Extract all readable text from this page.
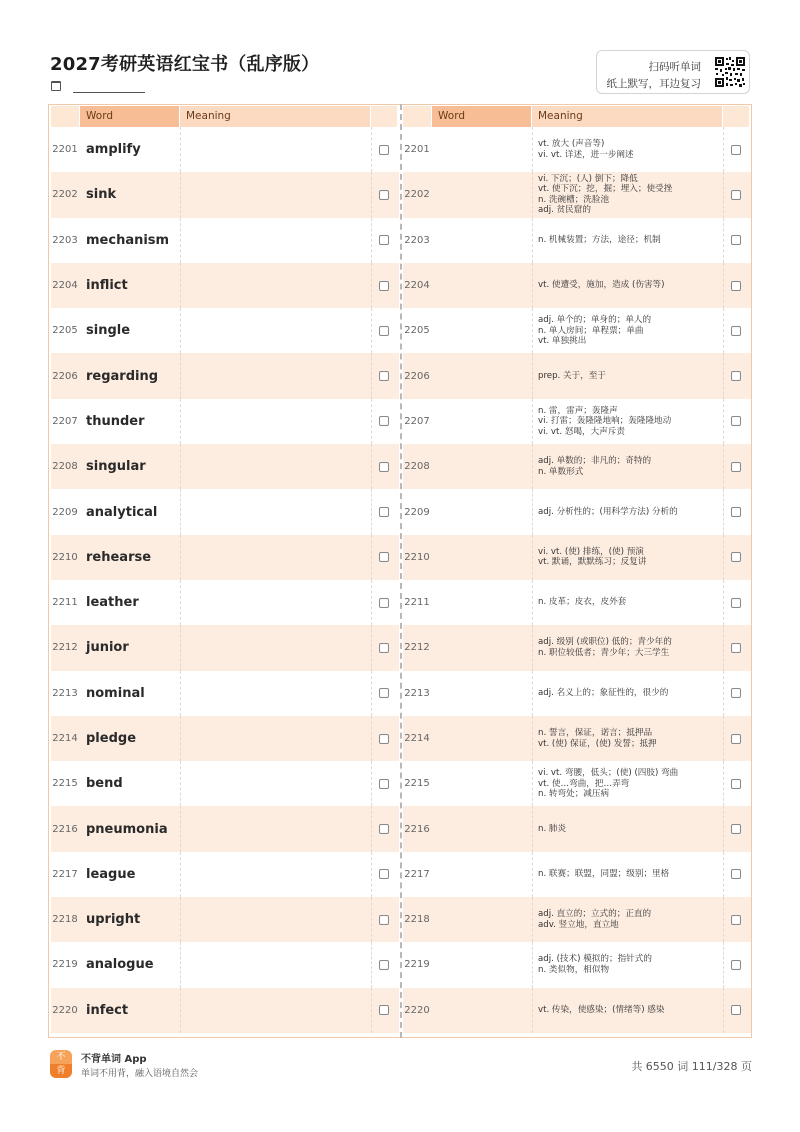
2027考研英语红宝书（乱序版）	扫码听单词
纸上默写，耳边复习
Word	Meaning
2201 amplify
2202 sink
2203 mechanism
2204 inflict
2205 single
2206 regarding
2207 thunder
2208 singular
2209 analytical
2210 rehearse
2211 leather
2212 junior
2213 nominal
2214 pledge
2215 bend
2216 pneumonia
2217 league
2218 upright
2219 analogue
2220 infect
Word	Meaning
2201	vt. 放大 (声音等)
vi. vt. 详述，进一步阐述
2202
vi. 下沉；(人) 倒下；降低
vt. 使下沉；挖，掘；埋入；使受挫
n. 洗碗槽；洗脸池
adj. 贫民窟的
2203	n. 机械装置；方法，途径；机制
2204	vt. 使遭受，施加，造成 (伤害等)
2205
adj. 单个的；单身的；单人的
n. 单人房间；单程票；单曲
vt. 单独挑出
2206	prep. 关于，至于
2207
n. 雷，雷声；轰隆声
vi. 打雷；轰隆隆地响；轰隆隆地动
vi. vt. 怒喝，大声斥责
2208	adj. 单数的；非凡的；奇特的
n. 单数形式
2209	adj. 分析性的；(用科学方法) 分析的
2210	vi. vt. (使) 排练，(使) 预演
vt. 默诵，默默练习；反复讲
2211	n. 皮革；皮衣，皮外套
2212	adj. 级别 (或职位) 低的；青少年的
n. 职位较低者；青少年；大三学生
2213	adj. 名义上的；象征性的，很少的
2214	n. 誓言，保证，诺言；抵押品
vt. (使) 保证，(使) 发誓；抵押
2215
vi. vt. 弯腰，低头；(使) (四肢) 弯曲
vt. 使…弯曲，把…弄弯
n. 转弯处；减压病
2216	n. 肺炎
2217	n. 联赛；联盟，同盟；级别；里格
2218	adj. 直立的；立式的；正直的
adv. 竖立地，直立地
2219	adj. (技术) 模拟的；指针式的
n. 类似物，相似物
2220	vt. 传染，使感染；(情绪等) 感染
不
背
不背单词 App
单词不用背，融入语境自然会
共 6550 词 111/328 页
